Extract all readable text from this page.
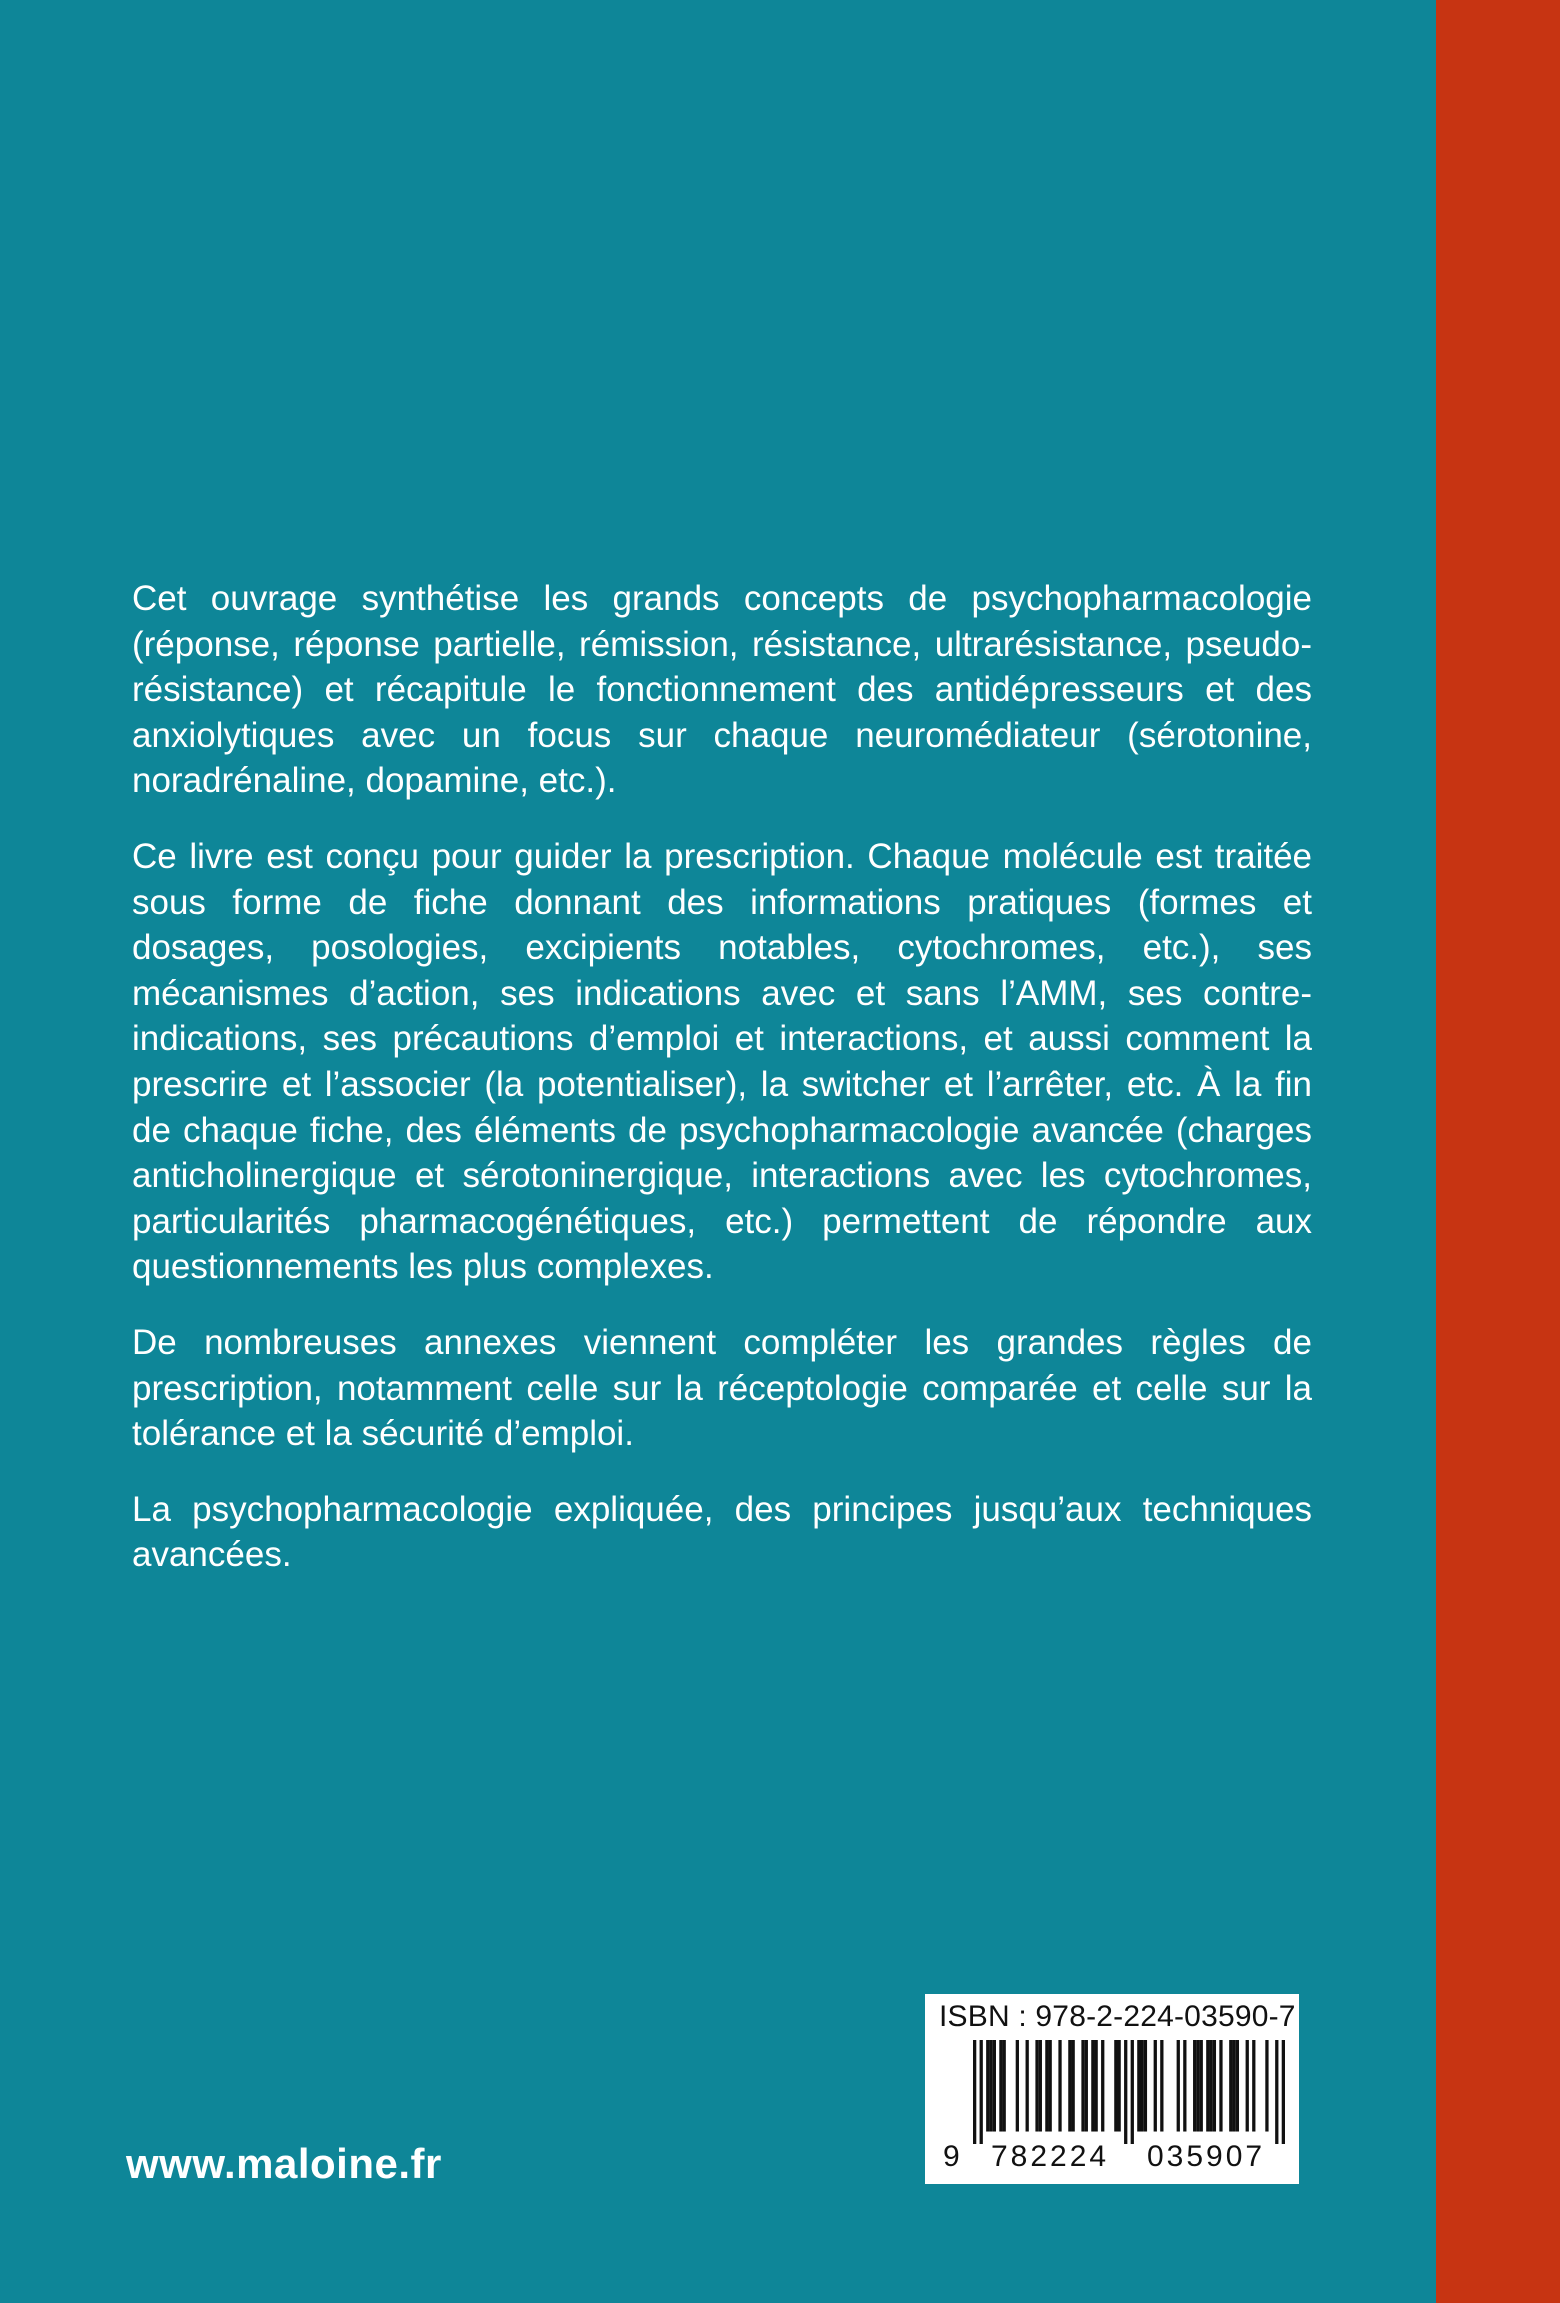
Cet ouvrage synthétise les grands concepts de psychopharmacologie (réponse, réponse partielle, rémission, résistance, ultrarésistance, pseudo-résistance) et récapitule le fonctionnement des antidépresseurs et des anxiolytiques avec un focus sur chaque neuromédiateur (sérotonine, noradrénaline, dopamine, etc.).

Ce livre est conçu pour guider la prescription. Chaque molécule est traitée sous forme de fiche donnant des informations pratiques (formes et dosages, posologies, excipients notables, cytochromes, etc.), ses mécanismes d’action, ses indications avec et sans l’AMM, ses contre-indications, ses précautions d’emploi et interactions, et aussi comment la prescrire et l’associer (la potentialiser), la switcher et l’arrêter, etc. À la fin de chaque fiche, des éléments de psychopharmacologie avancée (charges anticholinergique et sérotoninergique, interactions avec les cytochromes, particularités pharmacogénétiques, etc.) permettent de répondre aux questionnements les plus complexes.

De nombreuses annexes viennent compléter les grandes règles de prescription, notamment celle sur la réceptologie comparée et celle sur la tolérance et la sécurité d’emploi.

La psychopharmacologie expliquée, des principes jusqu’aux techniques avancées.

www.maloine.fr
ISBN : 978-2-224-03590-7
9 782224 035907
